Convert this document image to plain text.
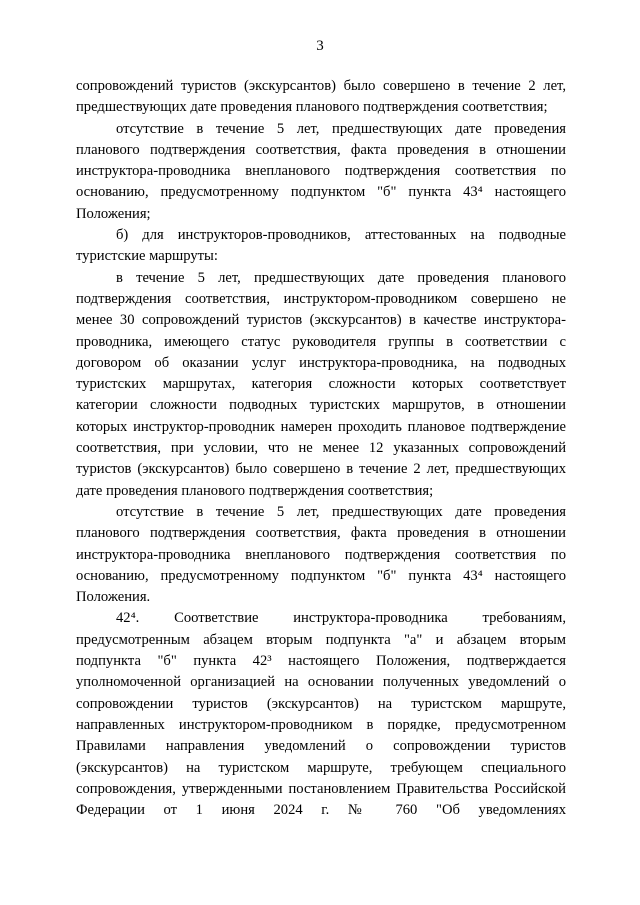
3

сопровождений туристов (экскурсантов) было совершено в течение 2 лет, предшествующих дате проведения планового подтверждения соответствия;

отсутствие в течение 5 лет, предшествующих дате проведения планового подтверждения соответствия, факта проведения в отношении инструктора-проводника внепланового подтверждения соответствия по основанию, предусмотренному подпунктом "б" пункта 43⁴ настоящего Положения;

б) для инструкторов-проводников, аттестованных на подводные туристские маршруты:

в течение 5 лет, предшествующих дате проведения планового подтверждения соответствия, инструктором-проводником совершено не менее 30 сопровождений туристов (экскурсантов) в качестве инструктора-проводника, имеющего статус руководителя группы в соответствии с договором об оказании услуг инструктора-проводника, на подводных туристских маршрутах, категория сложности которых соответствует категории сложности подводных туристских маршрутов, в отношении которых инструктор-проводник намерен проходить плановое подтверждение соответствия, при условии, что не менее 12 указанных сопровождений туристов (экскурсантов) было совершено в течение 2 лет, предшествующих дате проведения планового подтверждения соответствия;

отсутствие в течение 5 лет, предшествующих дате проведения планового подтверждения соответствия, факта проведения в отношении инструктора-проводника внепланового подтверждения соответствия по основанию, предусмотренному подпунктом "б" пункта 43⁴ настоящего Положения.

42⁴. Соответствие инструктора-проводника требованиям, предусмотренным абзацем вторым подпункта "а" и абзацем вторым подпункта "б" пункта 42³ настоящего Положения, подтверждается уполномоченной организацией на основании полученных уведомлений о сопровождении туристов (экскурсантов) на туристском маршруте, направленных инструктором-проводником в порядке, предусмотренном Правилами направления уведомлений о сопровождении туристов (экскурсантов) на туристском маршруте, требующем специального сопровождения, утвержденными постановлением Правительства Российской Федерации от 1 июня 2024 г. № 760 "Об уведомлениях
